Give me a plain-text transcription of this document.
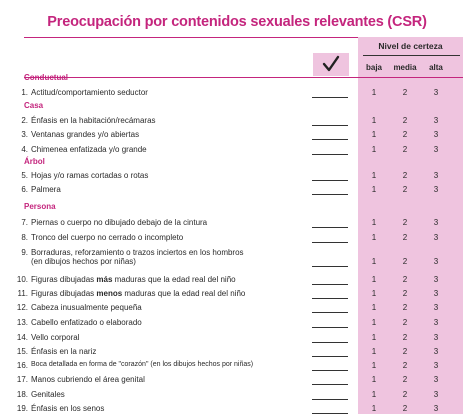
Preocupación por contenidos sexuales relevantes (CSR)
Nivel de certeza
baja	media	alta
Conductual
Casa
Árbol
Persona
1. Actitud/comportamiento seductor	1	2	3
2. Énfasis en la habitación/recámaras	1	2	3
3. Ventanas grandes y/o abiertas	1	2	3
4. Chimenea enfatizada y/o grande	1	2	3
5. Hojas y/o ramas cortadas o rotas	1	2	3
6. Palmera	1	2	3
7. Piernas o cuerpo no dibujado debajo de la cintura	1	2	3
8. Tronco del cuerpo no cerrado o incompleto	1	2	3
9. Borraduras, reforzamiento o trazos inciertos en los hombros
(en dibujos hechos por niñas)	1	2	3
10. Figuras dibujadas más maduras que la edad real del niño	1	2	3
11. Figuras dibujadas menos maduras que la edad real del niño	1	2	3
12. Cabeza inusualmente pequeña	1	2	3
13. Cabello enfatizado o elaborado	1	2	3
14. Vello corporal	1	2	3
15. Énfasis en la nariz	1	2	3
16. Boca detallada en forma de "corazón" (en los dibujos hechos por niñas)	1	2	3
17. Manos cubriendo el área genital	1	2	3
18. Genitales	1	2	3
19. Énfasis en los senos	1	2	3
